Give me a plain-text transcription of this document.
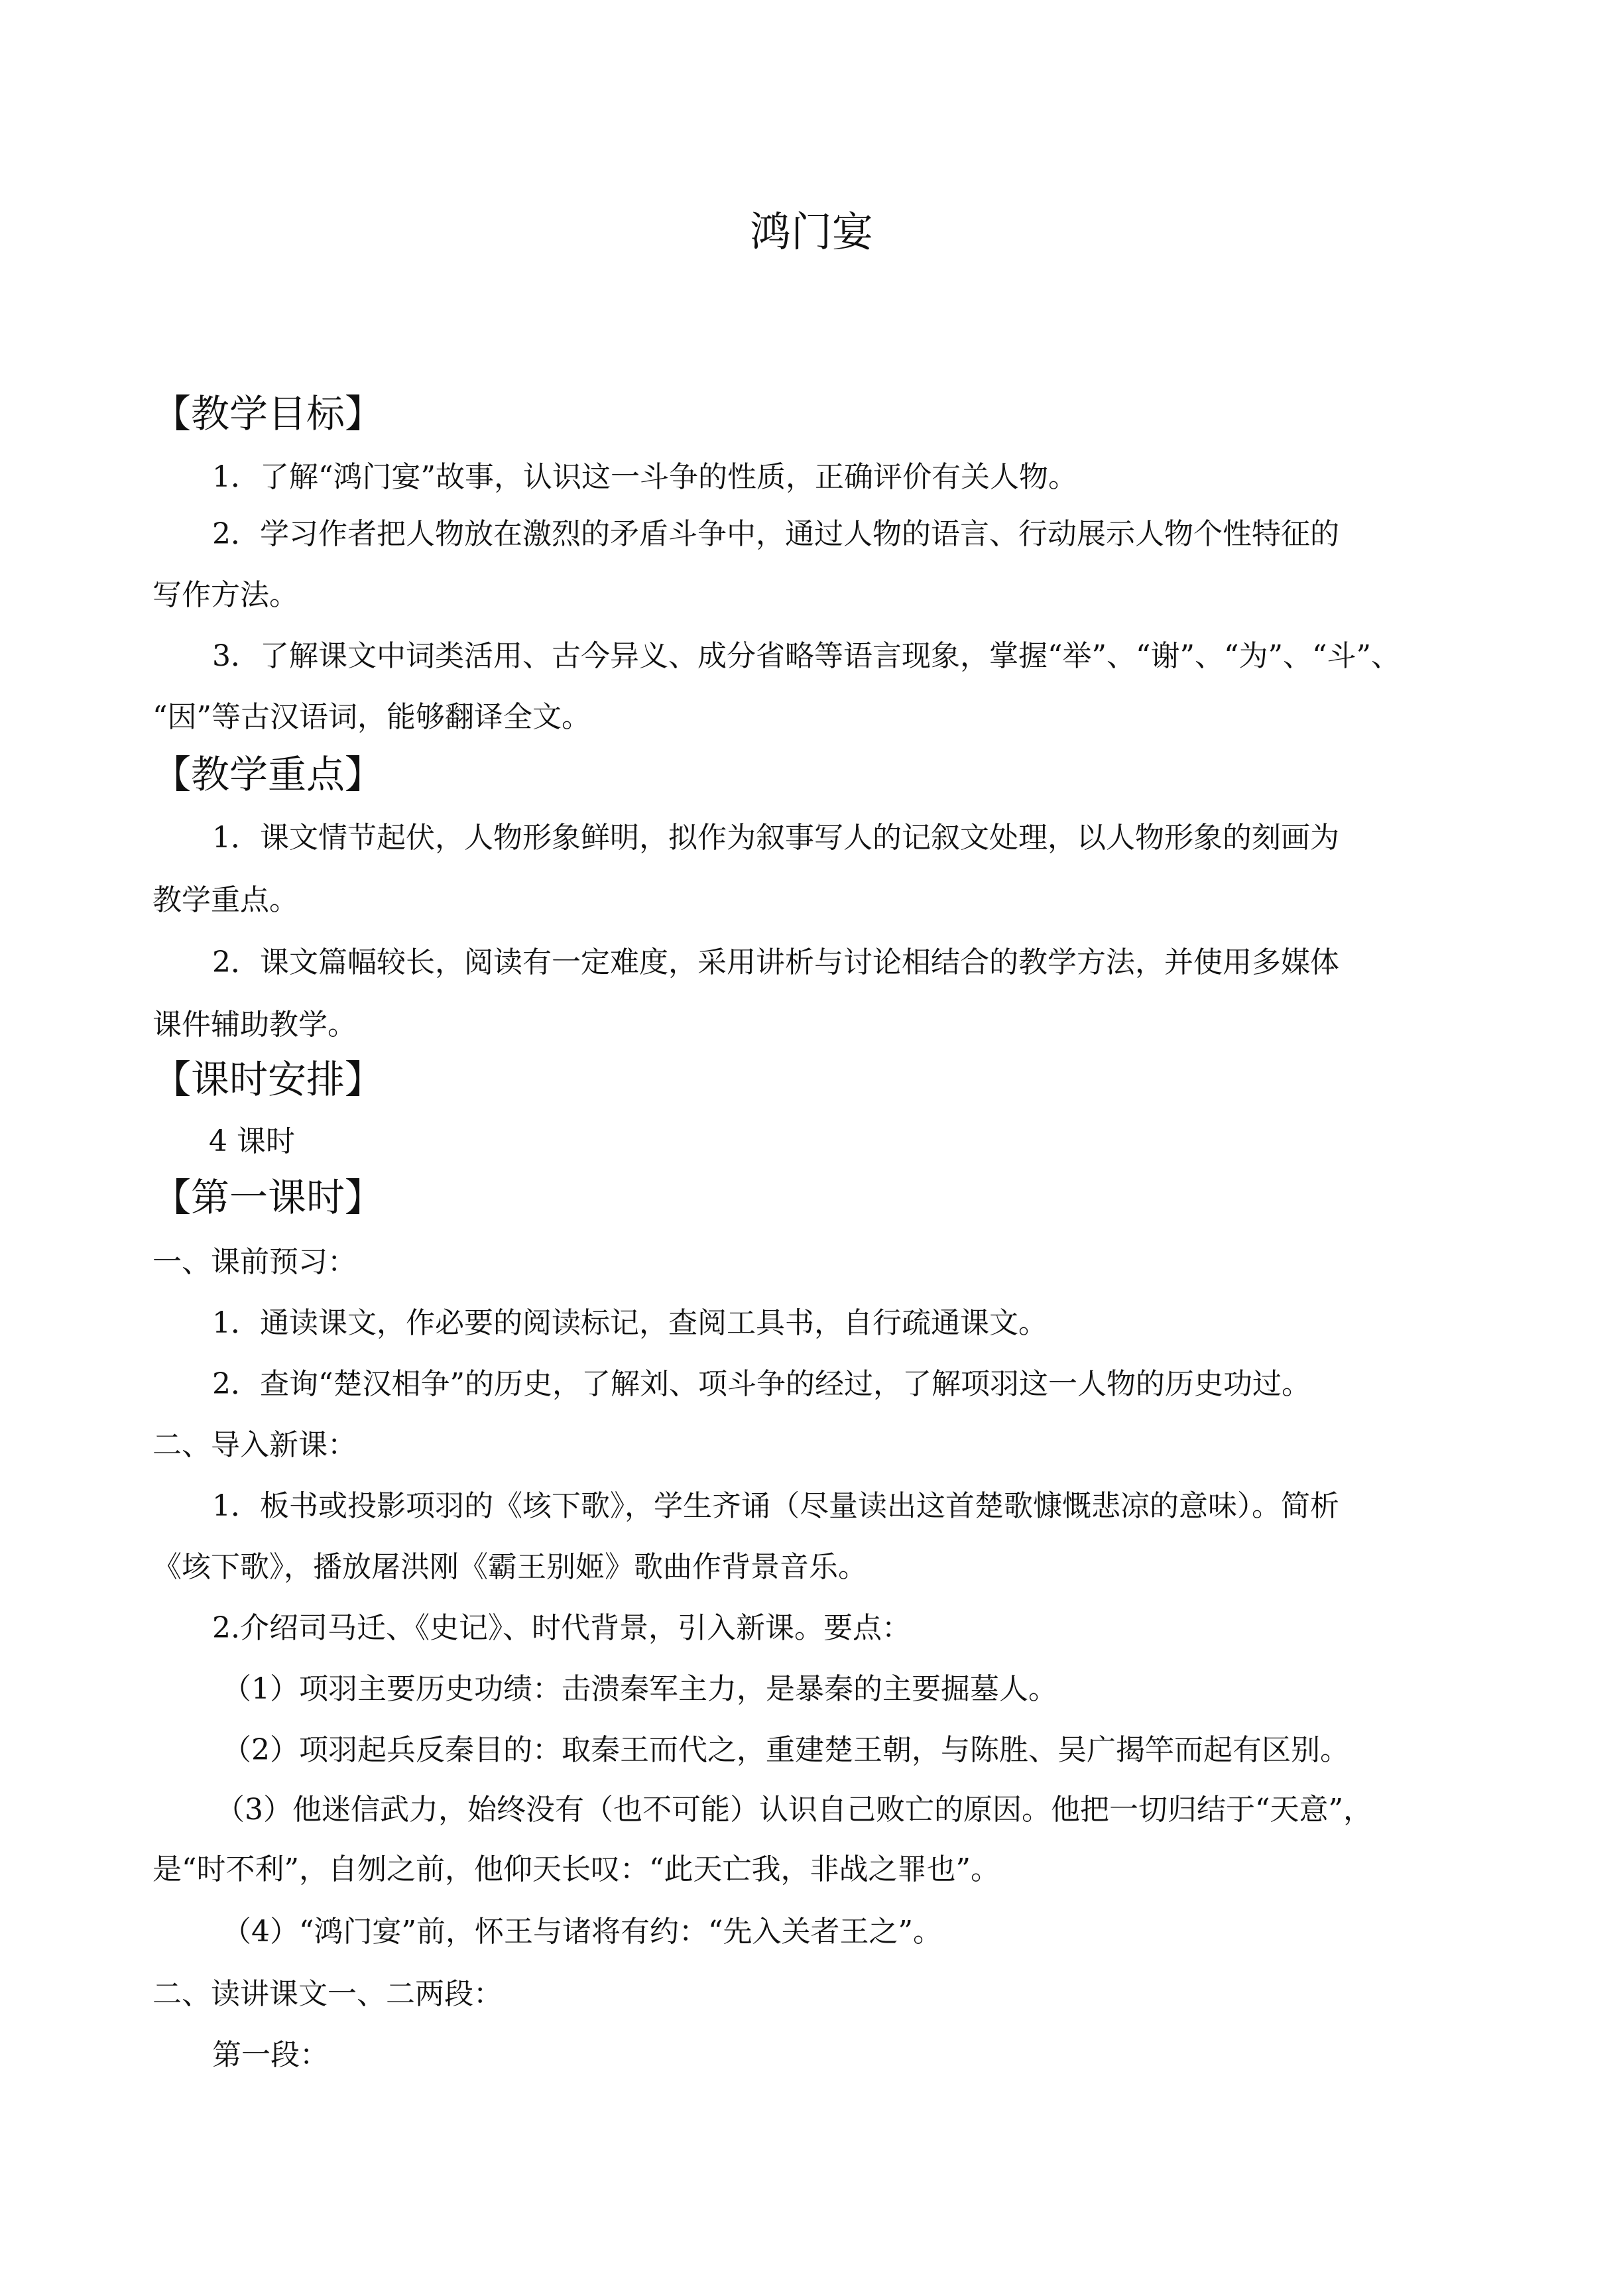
鸿门宴
【教学目标】
1．了解“鸿门宴”故事，认识这一斗争的性质，正确评价有关人物。
2．学习作者把人物放在激烈的矛盾斗争中，通过人物的语言、行动展示人物个性特征的
写作方法。
3．了解课文中词类活用、古今异义、成分省略等语言现象，掌握“举”、“谢”、“为”、“斗”、
“因”等古汉语词，能够翻译全文。
【教学重点】
1．课文情节起伏，人物形象鲜明，拟作为叙事写人的记叙文处理，以人物形象的刻画为
教学重点。
2．课文篇幅较长，阅读有一定难度，采用讲析与讨论相结合的教学方法，并使用多媒体
课件辅助教学。
【课时安排】
4 课时
【第一课时】
一、课前预习：
1．通读课文，作必要的阅读标记，查阅工具书，自行疏通课文。
2．查询“楚汉相争”的历史，了解刘、项斗争的经过，了解项羽这一人物的历史功过。
二、导入新课：
1．板书或投影项羽的《垓下歌》，学生齐诵（尽量读出这首楚歌慷慨悲凉的意味）。简析
《垓下歌》，播放屠洪刚《霸王别姬》歌曲作背景音乐。
2.介绍司马迁、《史记》、时代背景，引入新课。要点：
（1）项羽主要历史功绩：击溃秦军主力，是暴秦的主要掘墓人。
（2）项羽起兵反秦目的：取秦王而代之，重建楚王朝，与陈胜、吴广揭竿而起有区别。
（3）他迷信武力，始终没有（也不可能）认识自己败亡的原因。他把一切归结于“天意”，
是“时不利”，自刎之前，他仰天长叹：“此天亡我，非战之罪也”。
（4）“鸿门宴”前，怀王与诸将有约：“先入关者王之”。
二、读讲课文一、二两段：
第一段：
